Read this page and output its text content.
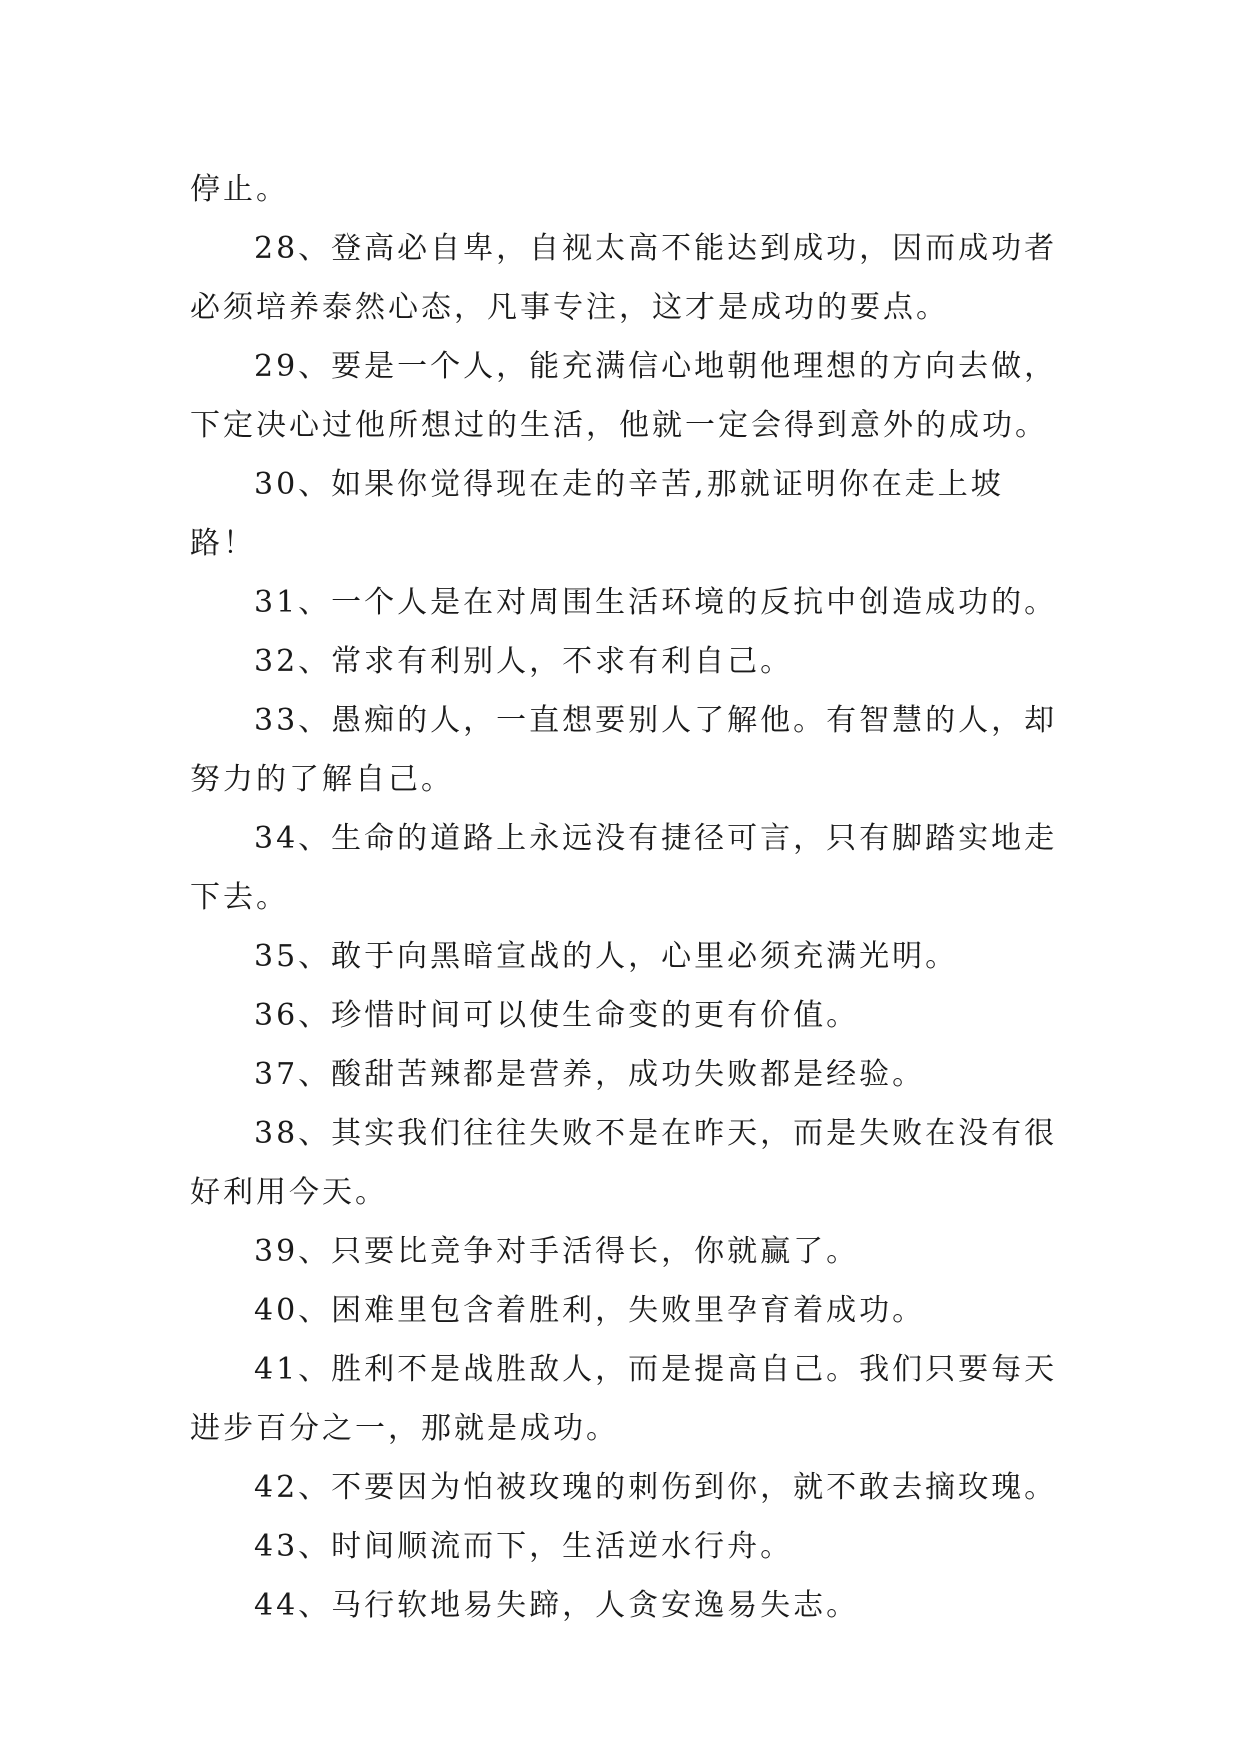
停止。

28、登高必自卑，自视太高不能达到成功，因而成功者必须培养泰然心态，凡事专注，这才是成功的要点。

29、要是一个人，能充满信心地朝他理想的方向去做，下定决心过他所想过的生活，他就一定会得到意外的成功。

30、如果你觉得现在走的辛苦,那就证明你在走上坡路！

31、一个人是在对周围生活环境的反抗中创造成功的。

32、常求有利别人，不求有利自己。

33、愚痴的人，一直想要别人了解他。有智慧的人，却努力的了解自己。

34、生命的道路上永远没有捷径可言，只有脚踏实地走下去。

35、敢于向黑暗宣战的人，心里必须充满光明。

36、珍惜时间可以使生命变的更有价值。

37、酸甜苦辣都是营养，成功失败都是经验。

38、其实我们往往失败不是在昨天，而是失败在没有很好利用今天。

39、只要比竞争对手活得长，你就赢了。

40、困难里包含着胜利，失败里孕育着成功。

41、胜利不是战胜敌人，而是提高自己。我们只要每天进步百分之一，那就是成功。

42、不要因为怕被玫瑰的刺伤到你，就不敢去摘玫瑰。

43、时间顺流而下，生活逆水行舟。

44、马行软地易失蹄，人贪安逸易失志。
